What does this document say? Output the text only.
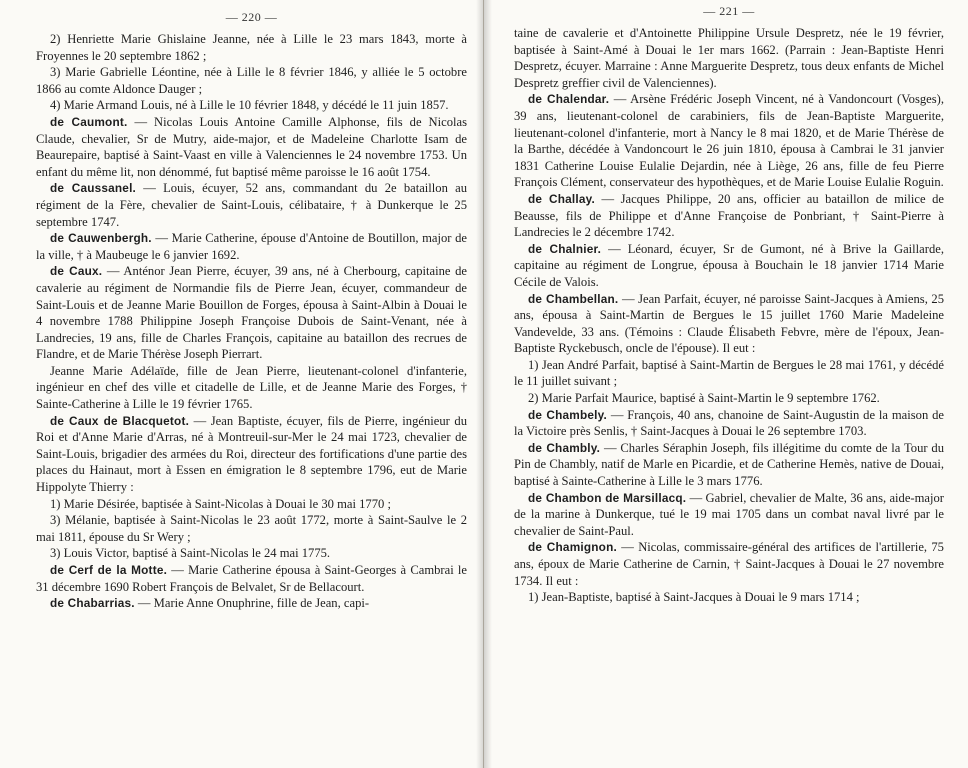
— 220 —

2) Henriette Marie Ghislaine Jeanne, née à Lille le 23 mars 1843, morte à Froyennes le 20 septembre 1862 ;

3) Marie Gabrielle Léontine, née à Lille le 8 février 1846, y alliée le 5 octobre 1866 au comte Aldonce Dauger ;

4) Marie Armand Louis, né à Lille le 10 février 1848, y décédé le 11 juin 1857.

de Caumont. — Nicolas Louis Antoine Camille Alphonse, fils de Nicolas Claude, chevalier, Sr de Mutry, aide-major, et de Madeleine Charlotte Isam de Beaurepaire, baptisé à Saint-Vaast en ville à Valenciennes le 24 novembre 1753. Un enfant du même lit, non dénommé, fut baptisé même paroisse le 16 août 1754.

de Caussanel. — Louis, écuyer, 52 ans, commandant du 2e bataillon au régiment de la Fère, chevalier de Saint-Louis, célibataire, † à Dunkerque le 25 septembre 1747.

de Cauwenbergh. — Marie Catherine, épouse d'Antoine de Boutillon, major de la ville, † à Maubeuge le 6 janvier 1692.

de Caux. — Anténor Jean Pierre, écuyer, 39 ans, né à Cherbourg, capitaine de cavalerie au régiment de Normandie fils de Pierre Jean, écuyer, commandeur de Saint-Louis et de Jeanne Marie Bouillon de Forges, épousa à Saint-Albin à Douai le 4 novembre 1788 Philippine Joseph Françoise Dubois de Saint-Venant, née à Landrecies, 19 ans, fille de Charles François, capitaine au bataillon des recrues de Flandre, et de Marie Thérèse Joseph Pierrart.

Jeanne Marie Adélaïde, fille de Jean Pierre, lieutenant-colonel d'infanterie, ingénieur en chef des ville et citadelle de Lille, et de Jeanne Marie des Forges, † Sainte-Catherine à Lille le 19 février 1765.

de Caux de Blacquetot. — Jean Baptiste, écuyer, fils de Pierre, ingénieur du Roi et d'Anne Marie d'Arras, né à Montreuil-sur-Mer le 24 mai 1723, chevalier de Saint-Louis, brigadier des armées du Roi, directeur des fortifications d'une partie des places du Hainaut, mort à Essen en émigration le 8 septembre 1796, eut de Marie Hippolyte Thierry :

1) Marie Désirée, baptisée à Saint-Nicolas à Douai le 30 mai 1770 ;

3) Mélanie, baptisée à Saint-Nicolas le 23 août 1772, morte à Saint-Saulve le 2 mai 1811, épouse du Sr Wery ;

3) Louis Victor, baptisé à Saint-Nicolas le 24 mai 1775.

de Cerf de la Motte. — Marie Catherine épousa à Saint-Georges à Cambrai le 31 décembre 1690 Robert François de Belvalet, Sr de Bellacourt.

de Chabarrias. — Marie Anne Onuphrine, fille de Jean, capi-

— 221 —

taine de cavalerie et d'Antoinette Philippine Ursule Despretz, née le 19 février, baptisée à Saint-Amé à Douai le 1er mars 1662. (Parrain : Jean-Baptiste Henri Despretz, écuyer. Marraine : Anne Marguerite Despretz, tous deux enfants de Michel Despretz greffier civil de Valenciennes).

de Chalendar. — Arsène Frédéric Joseph Vincent, né à Vandoncourt (Vosges), 39 ans, lieutenant-colonel de carabiniers, fils de Jean-Baptiste Marguerite, lieutenant-colonel d'infanterie, mort à Nancy le 8 mai 1820, et de Marie Thérèse de la Barthe, décédée à Vandoncourt le 26 juin 1810, épousa à Cambrai le 31 janvier 1831 Catherine Louise Eulalie Dejardin, née à Liège, 26 ans, fille de feu Pierre François Clément, conservateur des hypothèques, et de Marie Louise Eulalie Roguin.

de Challay. — Jacques Philippe, 20 ans, officier au bataillon de milice de Beausse, fils de Philippe et d'Anne Françoise de Ponbriant, † Saint-Pierre à Landrecies le 2 décembre 1742.

de Chalnier. — Léonard, écuyer, Sr de Gumont, né à Brive la Gaillarde, capitaine au régiment de Longrue, épousa à Bouchain le 18 janvier 1714 Marie Cécile de Valois.

de Chambellan. — Jean Parfait, écuyer, né paroisse Saint-Jacques à Amiens, 25 ans, épousa à Saint-Martin de Bergues le 15 juillet 1760 Marie Madeleine Vandevelde, 33 ans. (Témoins : Claude Élisabeth Febvre, mère de l'époux, Jean-Baptiste Ryckebusch, oncle de l'épouse). Il eut :

1) Jean André Parfait, baptisé à Saint-Martin de Bergues le 28 mai 1761, y décédé le 11 juillet suivant ;

2) Marie Parfait Maurice, baptisé à Saint-Martin le 9 septembre 1762.

de Chambely. — François, 40 ans, chanoine de Saint-Augustin de la maison de la Victoire près Senlis, † Saint-Jacques à Douai le 26 septembre 1703.

de Chambly. — Charles Séraphin Joseph, fils illégitime du comte de la Tour du Pin de Chambly, natif de Marle en Picardie, et de Catherine Hemès, native de Douai, baptisé à Sainte-Catherine à Lille le 3 mars 1776.

de Chambon de Marsillacq. — Gabriel, chevalier de Malte, 36 ans, aide-major de la marine à Dunkerque, tué le 19 mai 1705 dans un combat naval livré par le chevalier de Saint-Paul.

de Chamignon. — Nicolas, commissaire-général des artifices de l'artillerie, 75 ans, époux de Marie Catherine de Carnin, † Saint-Jacques à Douai le 27 novembre 1734. Il eut :

1) Jean-Baptiste, baptisé à Saint-Jacques à Douai le 9 mars 1714 ;
